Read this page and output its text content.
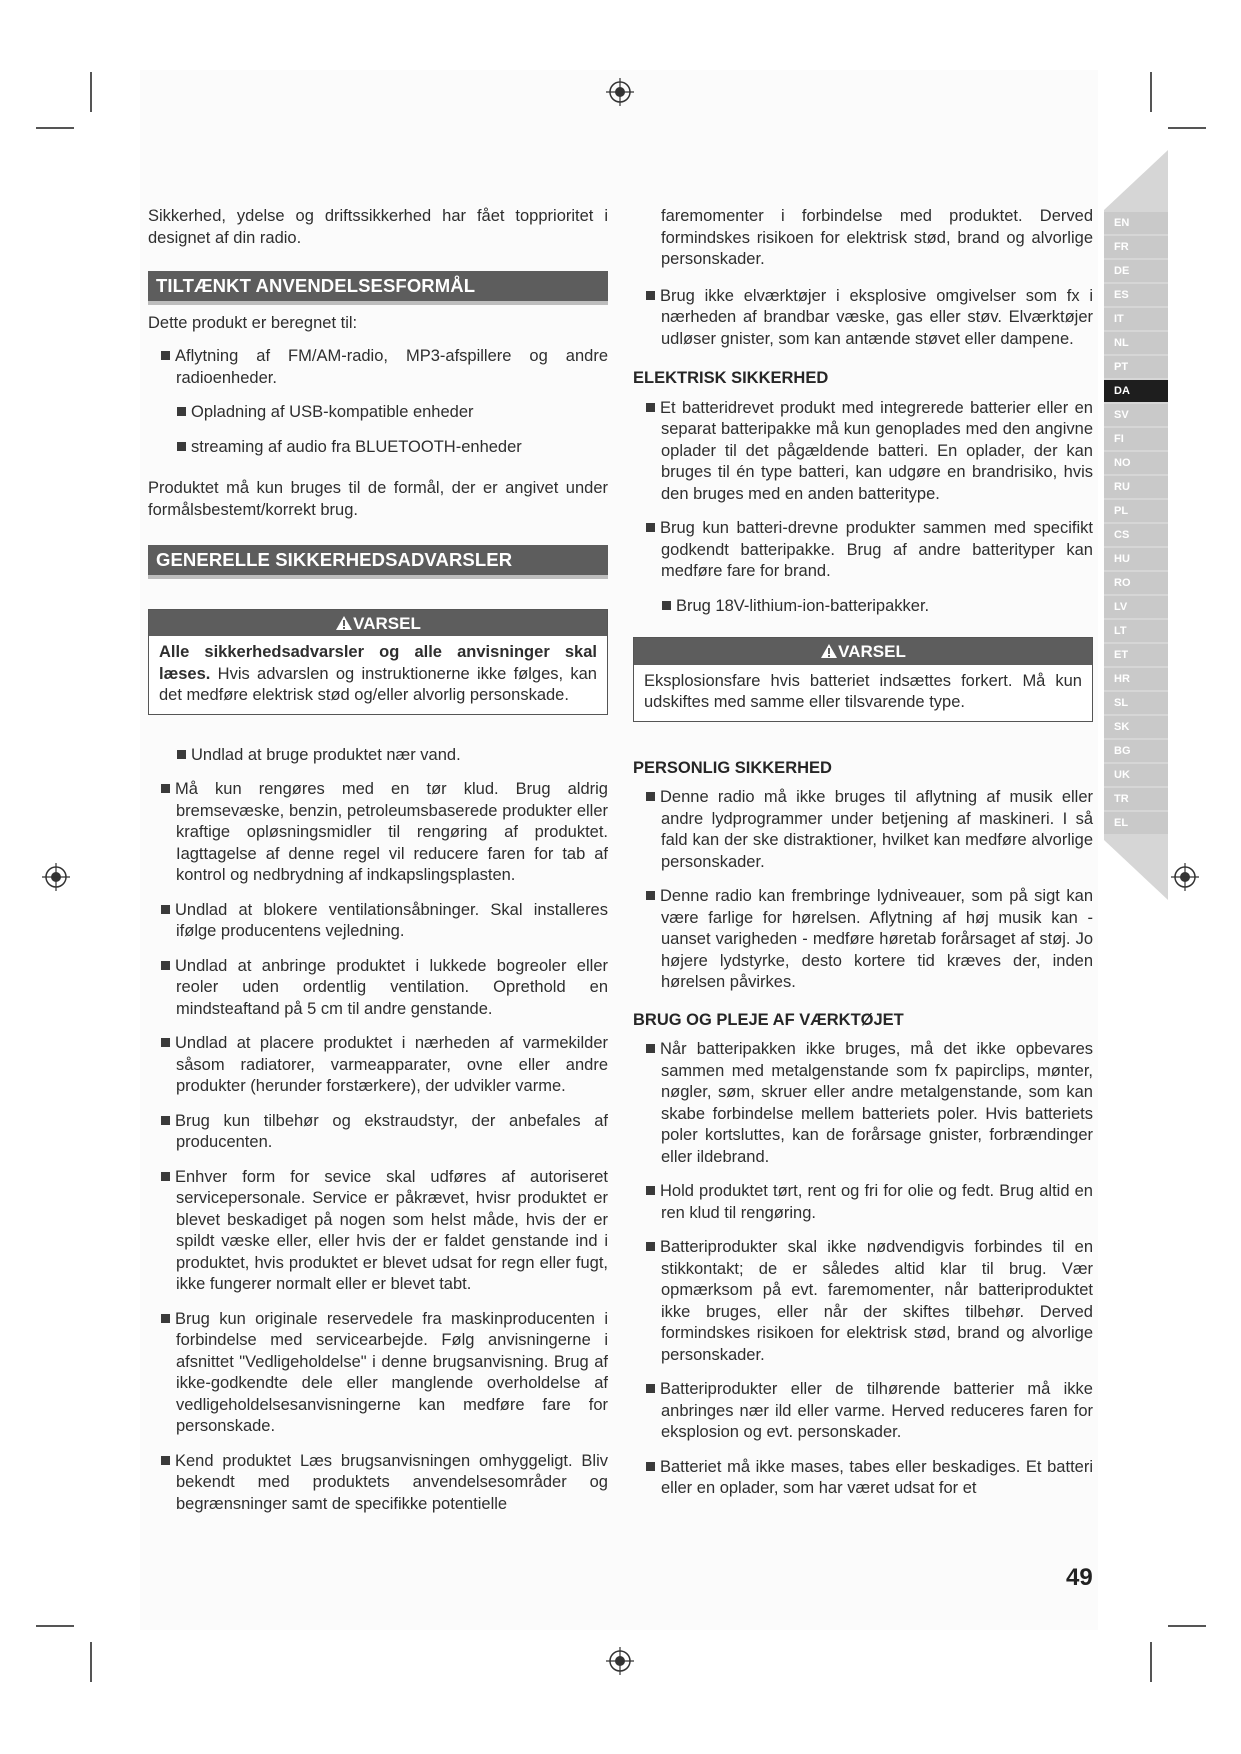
EN
FR
DE
ES
IT
NL
PT
DA
SV
FI
NO
RU
PL
CS
HU
RO
LV
LT
ET
HR
SL
SK
BG
UK
TR
EL

Sikkerhed, ydelse og driftssikkerhed har fået topprioritet i designet af din radio.

TILTÆNKT ANVENDELSESFORMÅL

Dette produkt er beregnet til:

Aflytning af FM/AM-radio, MP3-afspillere og andre radioenheder.
Opladning af USB-kompatible enheder
streaming af audio fra BLUETOOTH-enheder

Produktet må kun bruges til de formål, der er angivet under formålsbestemt/korrekt brug.

GENERELLE SIKKERHEDSADVARSLER
VARSEL
Alle sikkerhedsadvarsler og alle anvisninger skal læses. Hvis advarslen og instruktionerne ikke følges, kan det medføre elektrisk stød og/eller alvorlig personskade.
Undlad at bruge produktet nær vand.
Må kun rengøres med en tør klud. Brug aldrig bremsevæske, benzin, petroleumsbaserede produkter eller kraftige opløsningsmidler til rengøring af produktet. Iagttagelse af denne regel vil reducere faren for tab af kontrol og nedbrydning af indkapslingsplasten.
Undlad at blokere ventilationsåbninger. Skal installeres ifølge producentens vejledning.
Undlad at anbringe produktet i lukkede bogreoler eller reoler uden ordentlig ventilation. Oprethold en mindsteaftand på 5 cm til andre genstande.
Undlad at placere produktet i nærheden af varmekilder såsom radiatorer, varmeapparater, ovne eller andre produkter (herunder forstærkere), der udvikler varme.
Brug kun tilbehør og ekstraudstyr, der anbefales af producenten.
Enhver form for sevice skal udføres af autoriseret servicepersonale. Service er påkrævet, hvisr produktet er blevet beskadiget på nogen som helst måde, hvis der er spildt væske eller, eller hvis der er faldet genstande ind i produktet, hvis produktet er blevet udsat for regn eller fugt, ikke fungerer normalt eller er blevet tabt.
Brug kun originale reservedele fra maskinproducenten i forbindelse med servicearbejde. Følg anvisningerne i afsnittet "Vedligeholdelse" i denne brugsanvisning. Brug af ikke-godkendte dele eller manglende overholdelse af vedligeholdelsesanvisningerne kan medføre fare for personskade.
Kend produktet Læs brugsanvisningen omhyggeligt. Bliv bekendt med produktets anvendelsesområder og begrænsninger samt de specifikke potentielle

faremomenter i forbindelse med produktet. Derved formindskes risikoen for elektrisk stød, brand og alvorlige personskader.

Brug ikke elværktøjer i eksplosive omgivelser som fx i nærheden af brandbar væske, gas eller støv. Elværktøjer udløser gnister, som kan antænde støvet eller dampene.
ELEKTRISK SIKKERHED
Et batteridrevet produkt med integrerede batterier eller en separat batteripakke må kun genoplades med den angivne oplader til det pågældende batteri. En oplader, der kan bruges til én type batteri, kan udgøre en brandrisiko, hvis den bruges med en anden batteritype.
Brug kun batteri-drevne produkter sammen med specifikt godkendt batteripakke. Brug af andre batterityper kan medføre fare for brand.
Brug 18V-lithium-ion-batteripakker.
VARSEL
Eksplosionsfare hvis batteriet indsættes forkert. Må kun udskiftes med samme eller tilsvarende type.
PERSONLIG SIKKERHED
Denne radio må ikke bruges til aflytning af musik eller andre lydprogrammer under betjening af maskineri. I så fald kan der ske distraktioner, hvilket kan medføre alvorlige personskader.
Denne radio kan frembringe lydniveauer, som på sigt kan være farlige for hørelsen. Aflytning af høj musik kan - uanset varigheden - medføre høretab forårsaget af støj. Jo højere lydstyrke, desto kortere tid kræves der, inden hørelsen påvirkes.
BRUG OG PLEJE AF VÆRKTØJET
Når batteripakken ikke bruges, må det ikke opbevares sammen med metalgenstande som fx papirclips, mønter, nøgler, søm, skruer eller andre metalgenstande, som kan skabe forbindelse mellem batteriets poler. Hvis batteriets poler kortsluttes, kan de forårsage gnister, forbrændinger eller ildebrand.
Hold produktet tørt, rent og fri for olie og fedt. Brug altid en ren klud til rengøring.
Batteriprodukter skal ikke nødvendigvis forbindes til en stikkontakt; de er således altid klar til brug. Vær opmærksom på evt. faremomenter, når batteriproduktet ikke bruges, eller når der skiftes tilbehør. Derved formindskes risikoen for elektrisk stød, brand og alvorlige personskader.
Batteriprodukter eller de tilhørende batterier må ikke anbringes nær ild eller varme. Herved reduceres faren for eksplosion og evt. personskader.
Batteriet må ikke mases, tabes eller beskadiges. Et batteri eller en oplader, som har været udsat for et
49
